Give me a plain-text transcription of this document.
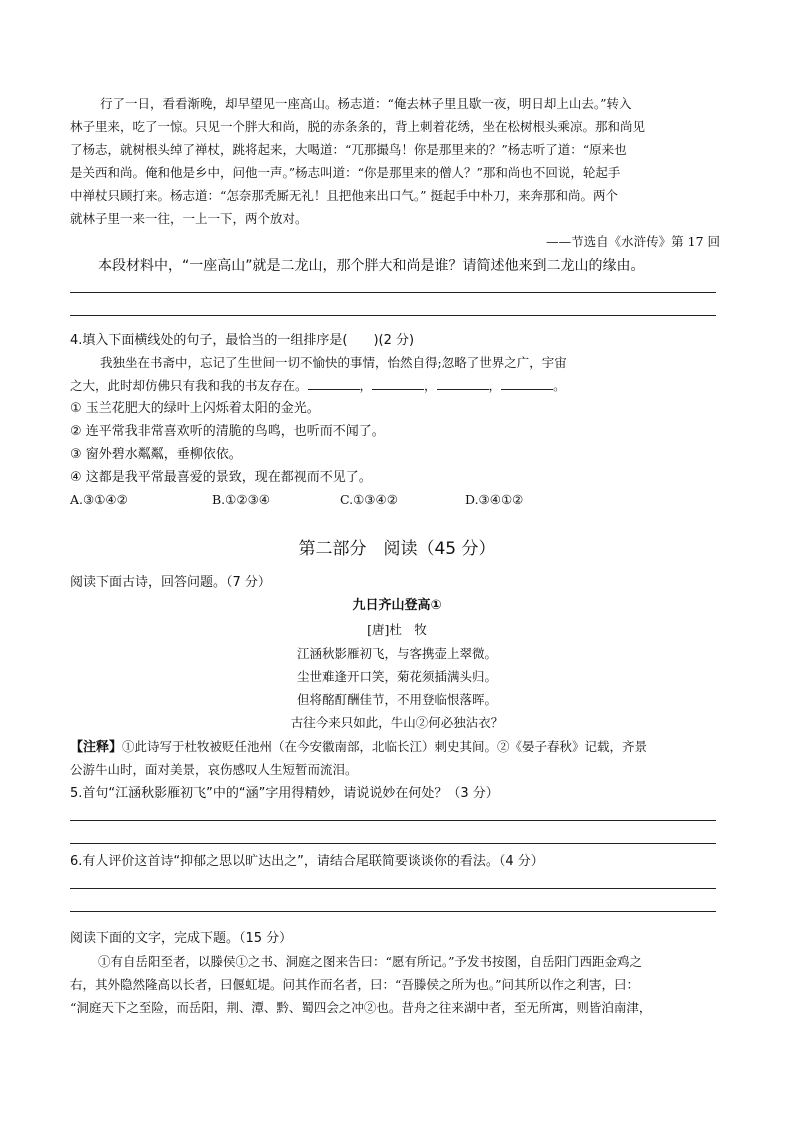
行了一日，看看渐晚，却早望见一座高山。杨志道：“俺去林子里且歇一夜，明日却上山去。”转入

林子里来，吃了一惊。只见一个胖大和尚，脱的赤条条的，背上刺着花绣，坐在松树根头乘凉。那和尚见

了杨志，就树根头绰了禅杖，跳将起来，大喝道：“兀那撮鸟！你是那里来的？”杨志听了道：“原来也

是关西和尚。俺和他是乡中，问他一声。”杨志叫道：“你是那里来的僧人？”那和尚也不回说，轮起手

中禅杖只顾打来。杨志道：“怎奈那秃厮无礼！且把他来出口气。” 挺起手中朴刀，来奔那和尚。两个

就林子里一来一往，一上一下，两个放对。

——节选自《水浒传》第 17 回

本段材料中，“一座高山”就是二龙山，那个胖大和尚是谁？请简述他来到二龙山的缘由。

4.填入下面横线处的句子，最恰当的一组排序是(　　)(2 分)

我独坐在书斋中，忘记了生世间一切不愉快的事情，怡然自得;忽略了世界之广，宇宙

之大，此时却仿佛只有我和我的书友存在。	，	，	，	。

① 玉兰花肥大的绿叶上闪烁着太阳的金光。

② 连平常我非常喜欢听的清脆的鸟鸣，也听而不闻了。

③ 窗外碧水粼粼，垂柳依依。

④ 这都是我平常最喜爱的景致，现在都视而不见了。

A.③①④②	B.①②③④	C.①③④②	D.③④①②

第二部分　阅读（45 分）

阅读下面古诗，回答问题。（7 分）

九日齐山登高①

[唐]杜　牧

江涵秋影雁初飞，与客携壶上翠微。

尘世难逢开口笑，菊花须插满头归。

但将酩酊酬佳节，不用登临恨落晖。

古往今来只如此，牛山②何必独沾衣？

【注释】①此诗写于杜牧被贬任池州（在今安徽南部，北临长江）刺史其间。②《晏子春秋》记载，齐景

公游牛山时，面对美景，哀伤感叹人生短暂而流泪。

5.首句“江涵秋影雁初飞”中的“涵”字用得精妙，请说说妙在何处？（3 分）

6.有人评价这首诗“抑郁之思以旷达出之”，请结合尾联简要谈谈你的看法。（4 分）

阅读下面的文字，完成下题。（15 分）

①有自岳阳至者，以滕侯①之书、洞庭之图来告曰：“愿有所记。”予发书按图，自岳阳门西距金鸡之

右，其外隐然隆高以长者，曰偃虹堤。问其作而名者，曰：“吾滕侯之所为也。”问其所以作之利害，曰：

“洞庭天下之至险，而岳阳，荆、潭、黔、蜀四会之冲②也。昔舟之往来湖中者，至无所寓，则皆泊南津，
